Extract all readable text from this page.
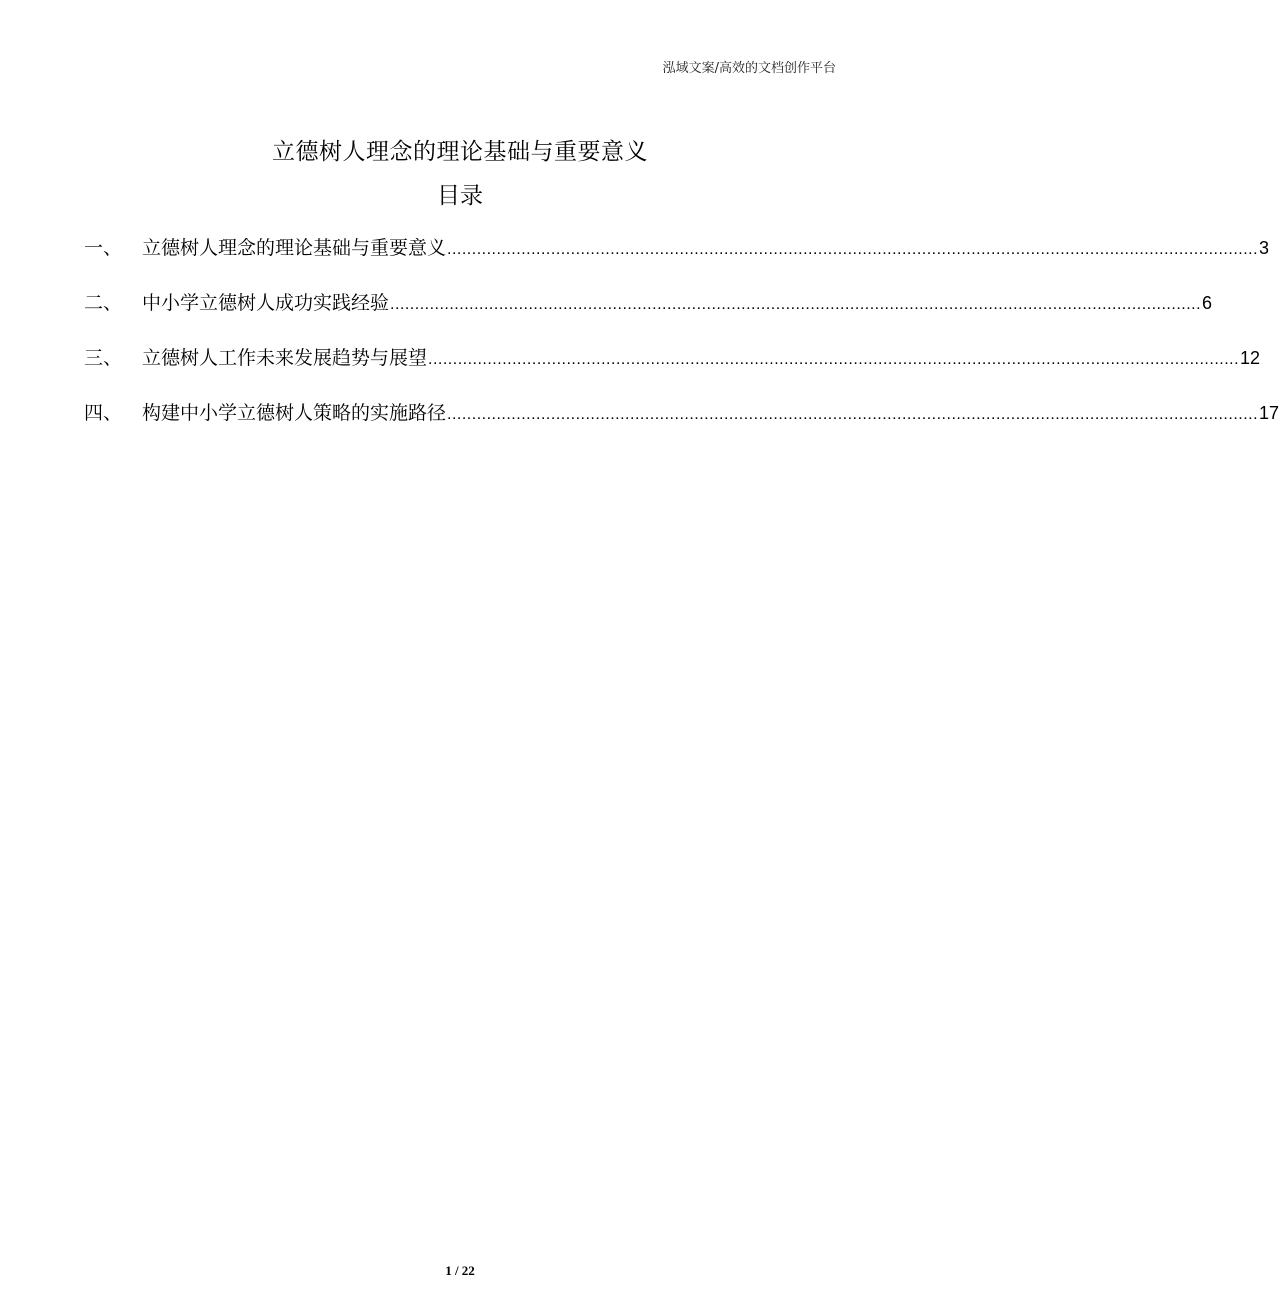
泓域文案/高效的文档创作平台
立德树人理念的理论基础与重要意义
目录
一、	立德树人理念的理论基础与重要意义 .................................................................................................................................................................... 3
二、	中小学立德树人成功实践经验 .................................................................................................................................................................... 6
三、	立德树人工作未来发展趋势与展望 .................................................................................................................................................................... 12
四、	构建中小学立德树人策略的实施路径 .................................................................................................................................................................... 17
1 / 22
